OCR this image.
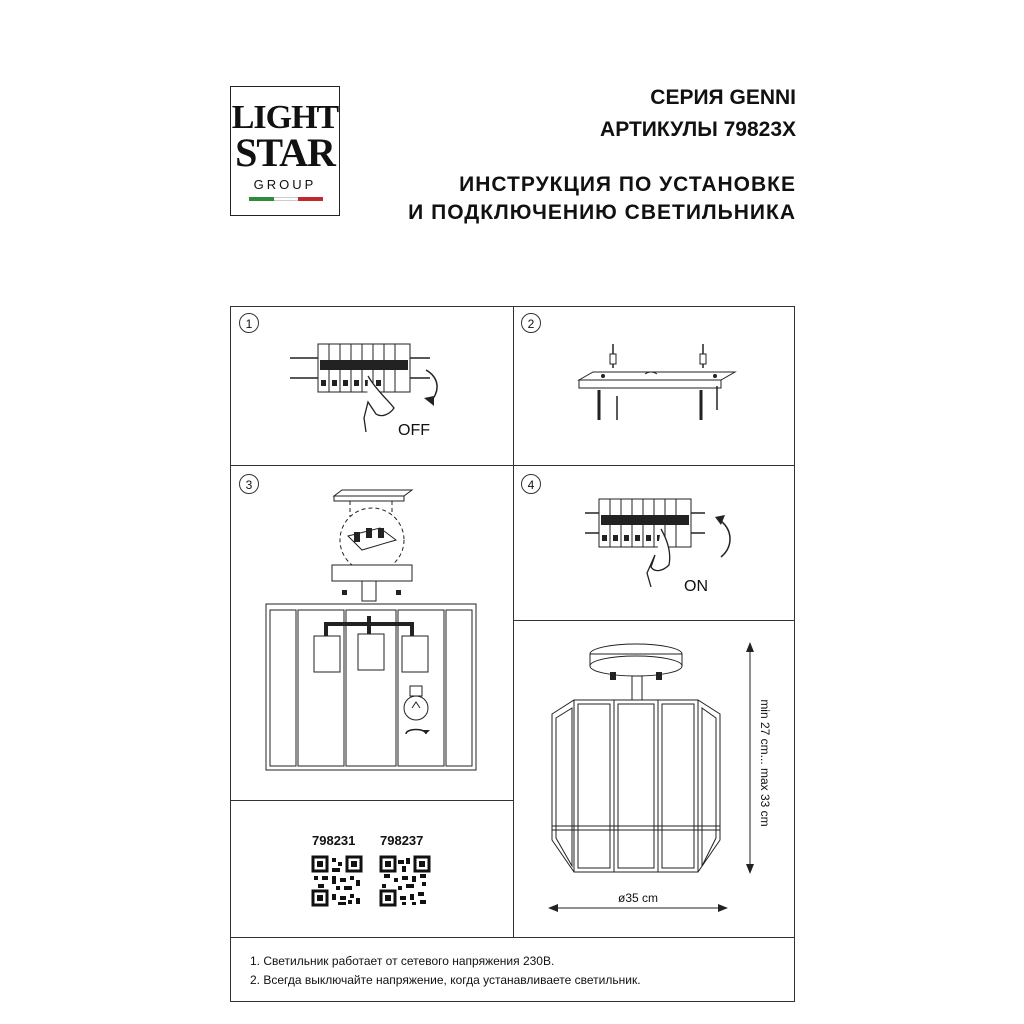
LIGHT
STAR
GROUP
СЕРИЯ GENNI
АРТИКУЛЫ 79823X
ИНСТРУКЦИЯ ПО УСТАНОВКЕ
И ПОДКЛЮЧЕНИЮ СВЕТИЛЬНИКА
1	2
3	4
OFF
ON
min 27 cm... max 33 cm
ø35 cm
798231 798237
1. Светильник работает от сетевого напряжения 230В.
2. Всегда выключайте напряжение, когда устанавливаете светильник.
